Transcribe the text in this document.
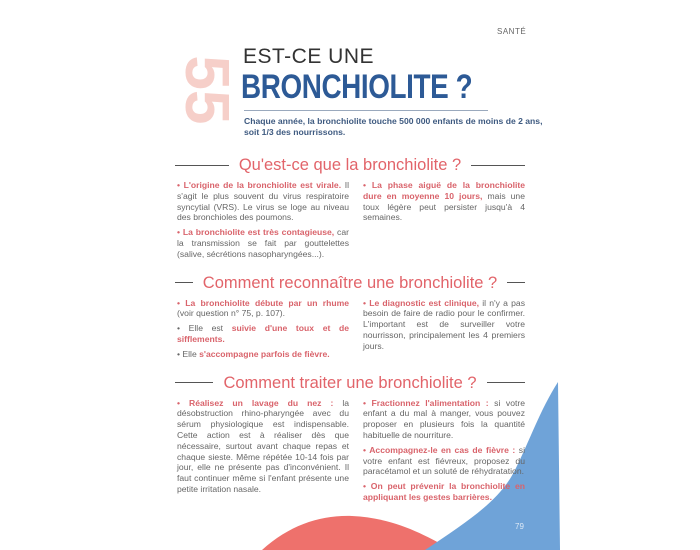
SANTÉ
55 EST-CE UNE
BRONCHIOLITE ?
Chaque année, la bronchiolite touche 500 000 enfants de moins de 2 ans, soit 1/3 des nourrissons.
Qu'est-ce que la bronchiolite ?

• L'origine de la bronchiolite est virale. Il s'agit le plus souvent du virus respiratoire syncytial (VRS). Le virus se loge au niveau des bronchioles des poumons.

• La bronchiolite est très contagieuse, car la transmission se fait par gouttelettes (salive, sécrétions nasopharyngées...).

• La phase aiguë de la bronchiolite dure en moyenne 10 jours, mais une toux légère peut persister jusqu'à 4 semaines.

Comment reconnaître une bronchiolite ?

• La bronchiolite débute par un rhume (voir question n° 75, p. 107).

• Elle est suivie d'une toux et de sifflements.

• Elle s'accompagne parfois de fièvre.

• Le diagnostic est clinique, il n'y a pas besoin de faire de radio pour le confirmer. L'important est de surveiller votre nourrisson, principalement les 4 premiers jours.

Comment traiter une bronchiolite ?

• Réalisez un lavage du nez : la désobstruction rhino-pharyngée avec du sérum physiologique est indispensable. Cette action est à réaliser dès que nécessaire, surtout avant chaque repas et chaque sieste. Même répétée 10-14 fois par jour, elle ne présente pas d'inconvénient. Il faut continuer même si l'enfant présente une petite irritation nasale.

• Fractionnez l'alimentation : si votre enfant a du mal à manger, vous pouvez proposer en plusieurs fois la quantité habituelle de nourriture.

• Accompagnez-le en cas de fièvre : si votre enfant est fiévreux, proposez du paracétamol et un soluté de réhydratation.

• On peut prévenir la bronchiolite en appliquant les gestes barrières.

79
